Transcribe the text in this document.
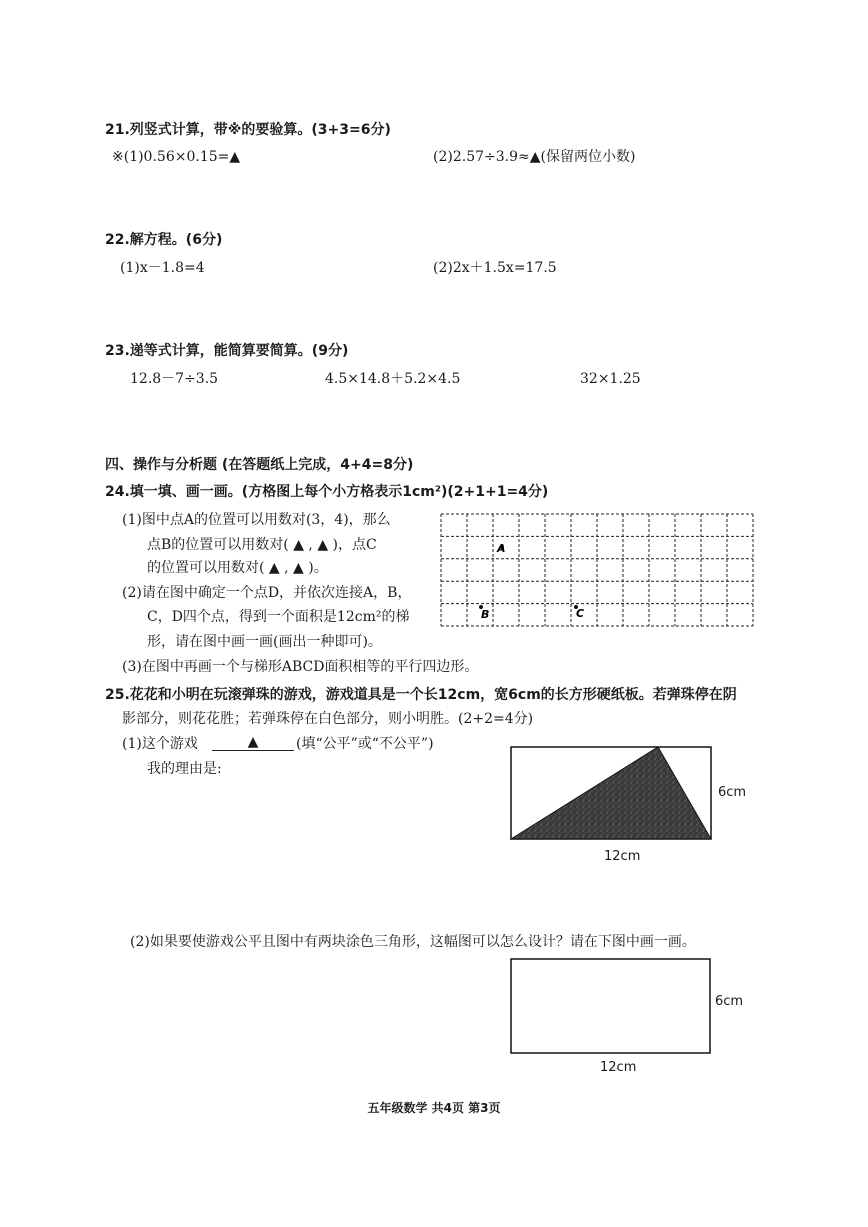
21.列竖式计算，带※的要验算。(3+3=6分)
※(1)0.56×0.15=▲	(2)2.57÷3.9≈▲(保留两位小数)
22.解方程。(6分)
(1)x－1.8=4	(2)2x＋1.5x=17.5
23.递等式计算，能简算要简算。(9分)
12.8－7÷3.5	4.5×14.8＋5.2×4.5	32×1.25
四、操作与分析题 (在答题纸上完成，4+4=8分)
24.填一填、画一画。(方格图上每个小方格表示1cm²)(2+1+1=4分)
(1)图中点A的位置可以用数对(3，4)，那么
点B的位置可以用数对( ▲ , ▲ )，点C
的位置可以用数对( ▲ , ▲ )。
(2)请在图中确定一个点D，并依次连接A，B，
C，D四个点，得到一个面积是12cm²的梯
形，请在图中画一画(画出一种即可)。
(3)在图中再画一个与梯形ABCD面积相等的平行四边形。
A
B	C
25.花花和小明在玩滚弹珠的游戏，游戏道具是一个长12cm，宽6cm的长方形硬纸板。若弹珠停在阴
影部分，则花花胜；若弹珠停在白色部分，则小明胜。(2+2=4分)
(1)这个游戏	▲	(填“公平”或“不公平”)
我的理由是:
6cm
12cm
(2)如果要使游戏公平且图中有两块涂色三角形，这幅图可以怎么设计？请在下图中画一画。
6cm
12cm
五年级数学 共4页 第3页
